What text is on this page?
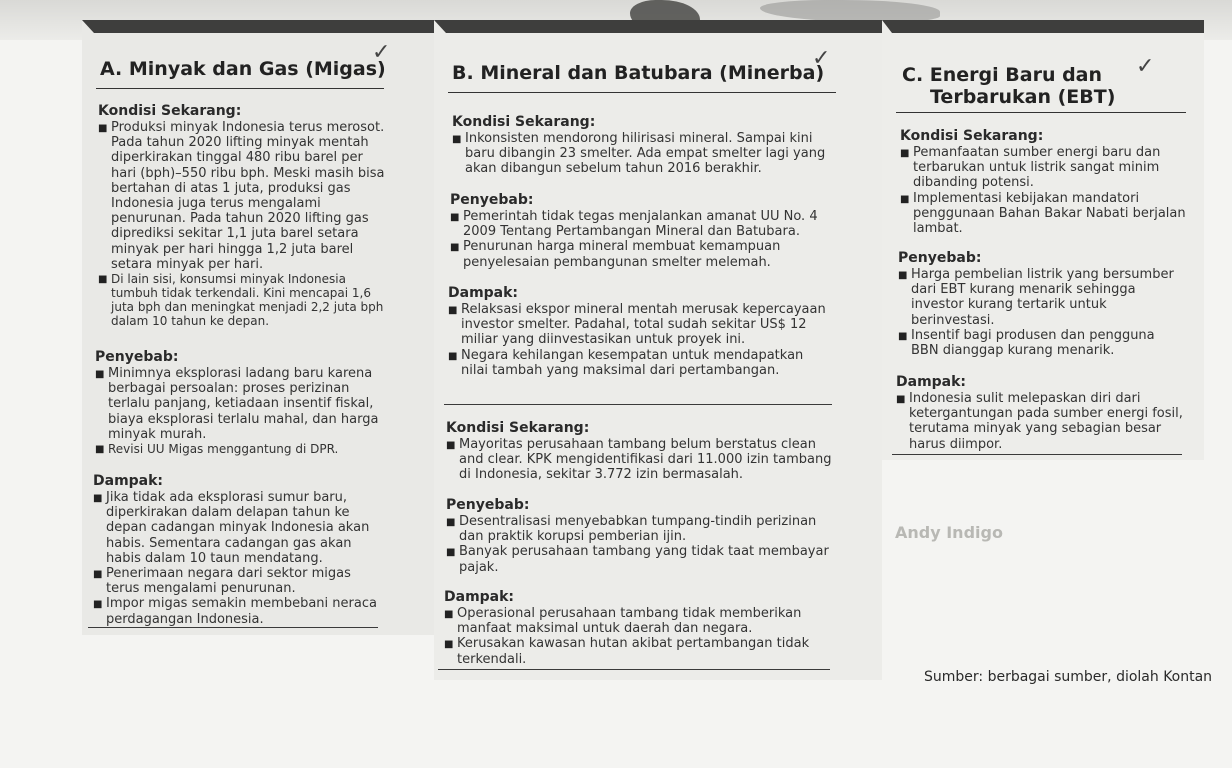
Andy Indigo
A. Minyak dan Gas (Migas)
✓
Kondisi Sekarang:
■ Produksi minyak Indonesia terus merosot. Pada tahun 2020 lifting minyak mentah diperkirakan tinggal 480 ribu barel per hari (bph)–550 ribu bph. Meski masih bisa bertahan di atas 1 juta, produksi gas Indonesia juga terus mengalami penurunan. Pada tahun 2020 lifting gas diprediksi sekitar 1,1 juta barel setara minyak per hari hingga 1,2 juta barel setara minyak per hari.
■ Di lain sisi, konsumsi minyak Indonesia tumbuh tidak terkendali. Kini mencapai 1,6 juta bph dan meningkat menjadi 2,2 juta bph dalam 10 tahun ke depan.
Penyebab:
■ Minimnya eksplorasi ladang baru karena berbagai persoalan: proses perizinan terlalu panjang, ketiadaan insentif fiskal, biaya eksplorasi terlalu mahal, dan harga minyak murah.
■ Revisi UU Migas menggantung di DPR.
Dampak:
■ Jika tidak ada eksplorasi sumur baru, diperkirakan dalam delapan tahun ke depan cadangan minyak Indonesia akan habis. Sementara cadangan gas akan habis dalam 10 taun mendatang.
■ Penerimaan negara dari sektor migas terus mengalami penurunan.
■ Impor migas semakin membebani neraca perdagangan Indonesia.
B. Mineral dan Batubara (Minerba)
✓
Kondisi Sekarang:
■ Inkonsisten mendorong hilirisasi mineral. Sampai kini baru dibangin 23 smelter. Ada empat smelter lagi yang akan dibangun sebelum tahun 2016 berakhir.
Penyebab:
■ Pemerintah tidak tegas menjalankan amanat UU No. 4 2009 Tentang Pertambangan Mineral dan Batubara.
■ Penurunan harga mineral membuat kemampuan penyelesaian pembangunan smelter melemah.
Dampak:
■ Relaksasi ekspor mineral mentah merusak kepercayaan investor smelter. Padahal, total sudah sekitar US$ 12 miliar yang diinvestasikan untuk proyek ini.
■ Negara kehilangan kesempatan untuk mendapatkan nilai tambah yang maksimal dari pertambangan.
Kondisi Sekarang:
■ Mayoritas perusahaan tambang belum berstatus clean and clear. KPK mengidentifikasi dari 11.000 izin tambang di Indonesia, sekitar 3.772 izin bermasalah.
Penyebab:
■ Desentralisasi menyebabkan tumpang-tindih perizinan dan praktik korupsi pemberian ijin.
■ Banyak perusahaan tambang yang tidak taat membayar pajak.
Dampak:
■ Operasional perusahaan tambang tidak memberikan manfaat maksimal untuk daerah dan negara.
■ Kerusakan kawasan hutan akibat pertambangan tidak terkendali.
C. Energi Baru dan
Terbarukan (EBT)
✓
Kondisi Sekarang:
■ Pemanfaatan sumber energi baru dan terbarukan untuk listrik sangat minim dibanding potensi.
■ Implementasi kebijakan mandatori penggunaan Bahan Bakar Nabati berjalan lambat.
Penyebab:
■ Harga pembelian listrik yang bersumber dari EBT kurang menarik sehingga investor kurang tertarik untuk berinvestasi.
■ Insentif bagi produsen dan pengguna BBN dianggap kurang menarik.
Dampak:
■ Indonesia sulit melepaskan diri dari ketergantungan pada sumber energi fosil, terutama minyak yang sebagian besar harus diimpor.
Sumber: berbagai sumber, diolah Kontan
